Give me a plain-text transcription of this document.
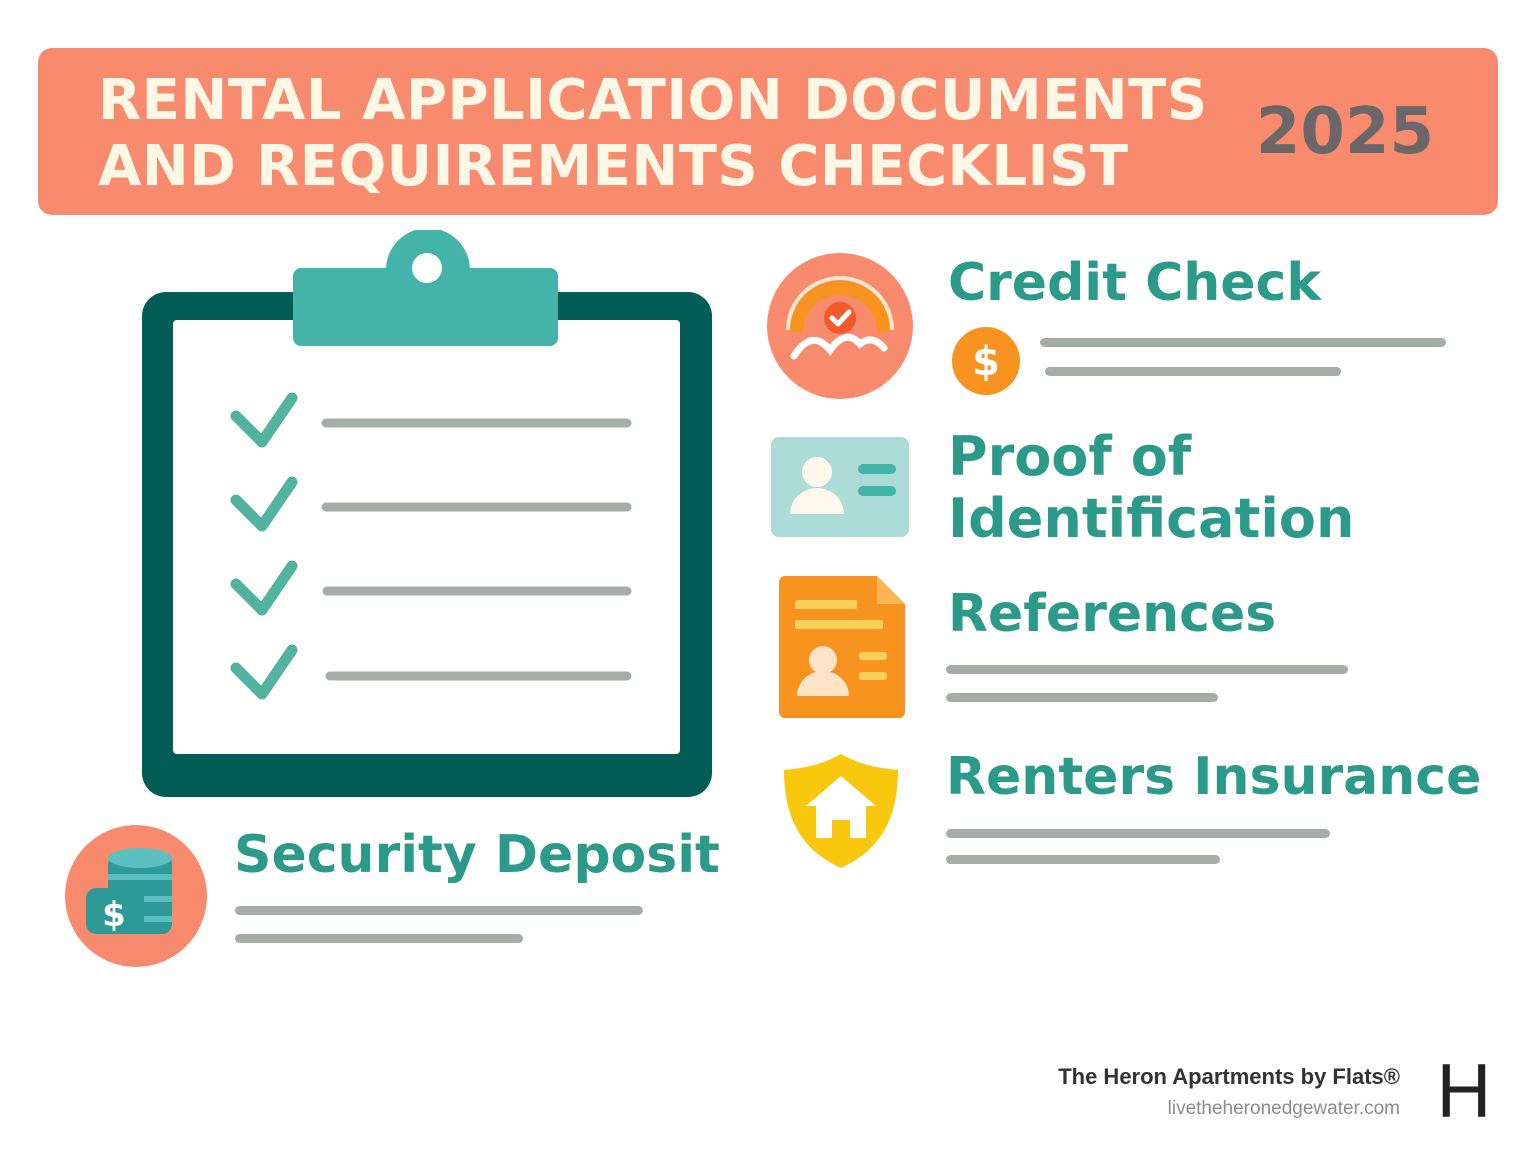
RENTAL APPLICATION DOCUMENTS
AND REQUIREMENTS CHECKLIST	2025
Credit Check
$
Proof of
Identification
References
Renters Insurance
$
Security Deposit
The Heron Apartments by Flats®
livetheheronedgewater.com H
